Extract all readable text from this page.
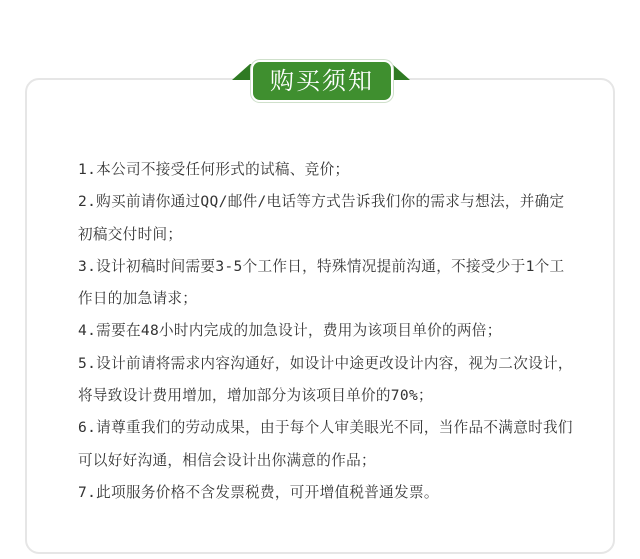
购买须知
1.本公司不接受任何形式的试稿、竞价；
2.购买前请你通过QQ/邮件/电话等方式告诉我们你的需求与想法，并确定初稿交付时间；
3.设计初稿时间需要3-5个工作日，特殊情况提前沟通，不接受少于1个工作日的加急请求；
4.需要在48小时内完成的加急设计，费用为该项目单价的两倍；
5.设计前请将需求内容沟通好，如设计中途更改设计内容，视为二次设计，将导致设计费用增加，增加部分为该项目单价的70%；
6.请尊重我们的劳动成果，由于每个人审美眼光不同，当作品不满意时我们可以好好沟通，相信会设计出你满意的作品；
7.此项服务价格不含发票税费，可开增值税普通发票。
